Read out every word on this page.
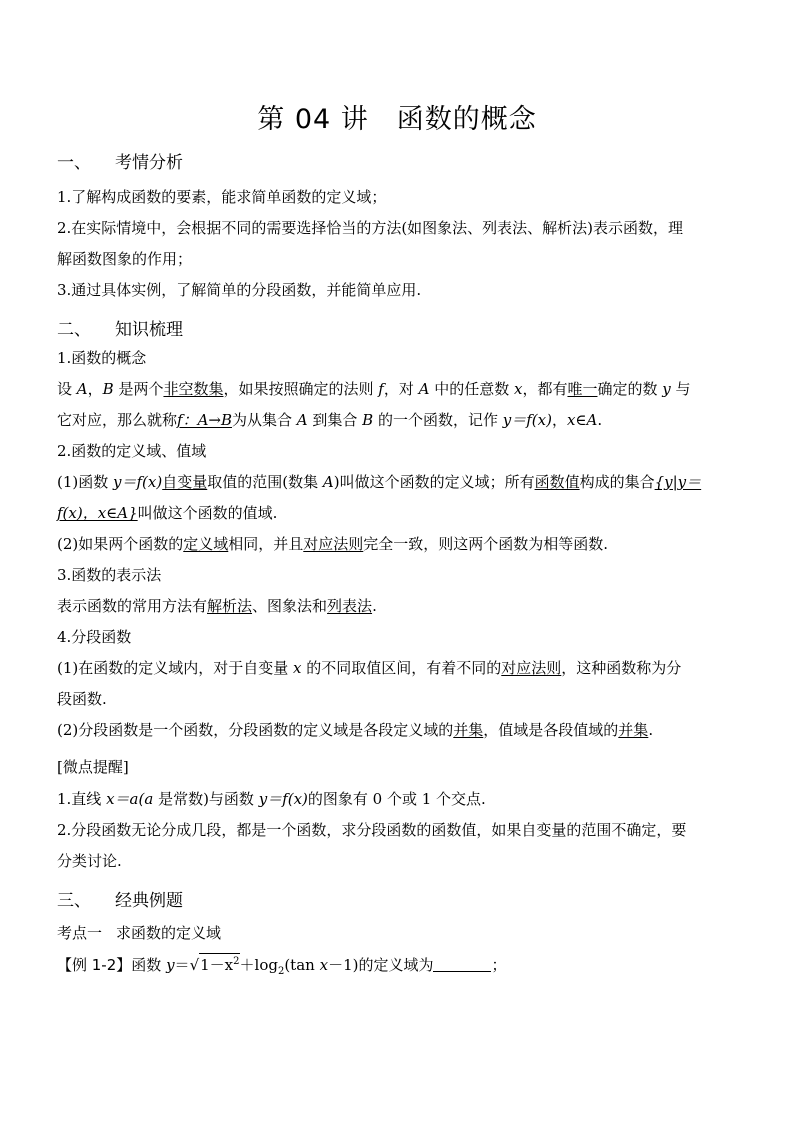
第 04 讲 函数的概念
一、 考情分析
1.了解构成函数的要素，能求简单函数的定义域；
2.在实际情境中，会根据不同的需要选择恰当的方法(如图象法、列表法、解析法)表示函数，理
解函数图象的作用；
3.通过具体实例，了解简单的分段函数，并能简单应用.
二、 知识梳理
1.函数的概念
设 A，B 是两个非空数集，如果按照确定的法则 f，对 A 中的任意数 x，都有唯一确定的数 y 与
它对应，那么就称f：A→B为从集合 A 到集合 B 的一个函数，记作 y＝f(x)，x∈A.
2.函数的定义域、值域
(1)函数 y＝f(x)自变量取值的范围(数集 A)叫做这个函数的定义域；所有函数值构成的集合{y|y＝
f(x)，x∈A}叫做这个函数的值域.
(2)如果两个函数的定义域相同，并且对应法则完全一致，则这两个函数为相等函数.
3.函数的表示法
表示函数的常用方法有解析法、图象法和列表法.
4.分段函数
(1)在函数的定义域内，对于自变量 x 的不同取值区间，有着不同的对应法则，这种函数称为分
段函数.
(2)分段函数是一个函数，分段函数的定义域是各段定义域的并集，值域是各段值域的并集.
[微点提醒]
1.直线 x＝a(a 是常数)与函数 y＝f(x)的图象有 0 个或 1 个交点.
2.分段函数无论分成几段，都是一个函数，求分段函数的函数值，如果自变量的范围不确定，要
分类讨论.
三、 经典例题
考点一 求函数的定义域
【例 1-2】函数 $y=√1-x^2+\log_2(\tan$ x－1)的定义域为	；
